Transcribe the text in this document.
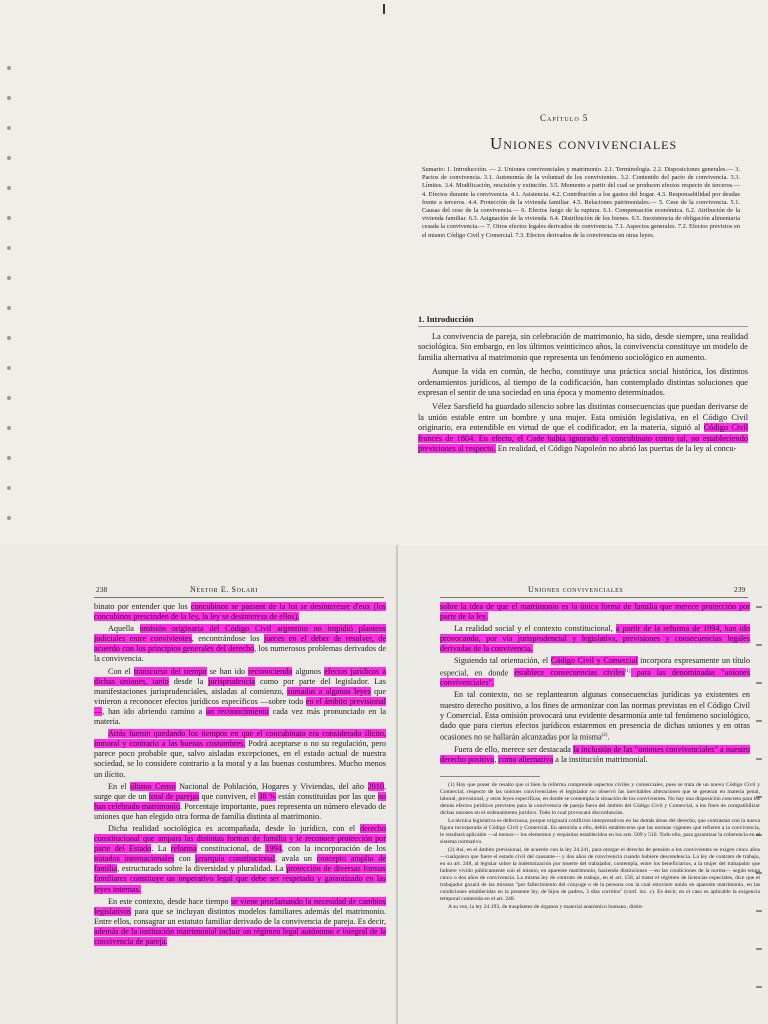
Capítulo 5
Uniones convivenciales
Sumario: 1. Introducción. — 2. Uniones convivenciales y matrimonio. 2.1. Terminología. 2.2. Disposiciones generales.— 3. Pactos de convivencia. 3.1. Autonomía de la voluntad de los convivientes. 3.2. Contenido del pacto de convivencia. 3.3. Límites. 3.4. Modificación, rescisión y extinción. 3.5. Momento a partir del cual se producen efectos respecto de terceros.— 4. Efectos durante la convivencia. 4.1. Asistencia. 4.2. Contribución a los gastos del hogar. 4.3. Responsabilidad por deudas frente a terceros. 4.4. Protección de la vivienda familiar. 4.5. Relaciones patrimoniales.— 5. Cese de la convivencia. 5.1. Causas del cese de la convivencia.— 6. Efectos luego de la ruptura. 6.1. Compensación económica. 6.2. Atribución de la vivienda familiar. 6.3. Asignación de la vivienda. 6.4. Distribución de los bienes. 6.5. Inexistencia de obligación alimentaria cesada la convivencia.— 7. Otros efectos legales derivados de convivencia. 7.1. Aspectos generales. 7.2. Efectos previstos en el mismo Código Civil y Comercial. 7.3. Efectos derivados de la convivencia en otras leyes.
1. Introducción

La convivencia de pareja, sin celebración de matrimonio, ha sido, desde siempre, una realidad sociológica. Sin embargo, en los últimos veinticinco años, la convivencia constituye un modelo de familia alternativa al matrimonio que representa un fenómeno sociológico en aumento.

Aunque la vida en común, de hecho, constituye una práctica social histórica, los distintos ordenamientos jurídicos, al tiempo de la codificación, han contemplado distintas soluciones que expresan el sentir de una sociedad en una época y momento determinados.

Vélez Sarsfield ha guardado silencio sobre las distintas consecuencias que puedan derivarse de la unión estable entre un hombre y una mujer. Esta omisión legislativa, en el Código Civil originario, era entendible en virtud de que el codificador, en la materia, siguió al Código Civil francés de 1804. En efecto, el Code había ignorado el concubinato como tal, no estableciendo previsiones al respecto. En realidad, el Código Napoleón no abrió las puertas de la ley al concu-

238	Néstor E. Solari

binato por entender que los concubinos se passent de la loi se desinteresse d'eux (los concubinos prescinden de la ley, la ley se desinteresa de ellos).

Aquella omisión originaria del Código Civil argentino no impidió planteos judiciales entre convivientes, encontrándose los jueces en el deber de resolver, de acuerdo con los principios generales del derecho, los numerosos problemas derivados de la convivencia.

Con el transcurso del tiempo se han ido reconociendo algunos efectos jurídicos a dichas uniones, tanto desde la jurisprudencia como por parte del legislador. Las manifestaciones jurisprudenciales, aisladas al comienzo, sumadas a algunas leyes que vinieron a reconocer efectos jurídicos específicos —sobre todo en el ámbito previsional—, han ido abriendo camino a un reconocimiento cada vez más pronunciado en la materia.

Atrás fueron quedando los tiempos en que el concubinato era considerado ilícito, inmoral y contrario a las buenas costumbres. Podrá aceptarse o no su regulación, pero parece poco probable que, salvo aisladas excepciones, en el estado actual de nuestra sociedad, se lo considere contrario a la moral y a las buenas costumbres. Mucho menos un ilícito.

En el último Censo Nacional de Población, Hogares y Viviendas, del año 2010, surge que de un total de parejas que conviven, el 38 % están constituidas por las que no han celebrado matrimonio. Porcentaje importante, pues representa un número elevado de uniones que han elegido otra forma de familia distinta al matrimonio.

Dicha realidad sociológica es acompañada, desde lo jurídico, con el derecho constitucional que ampara las distintas formas de familia y le reconoce protección por parte del Estado. La reforma constitucional, de 1994, con la incorporación de los tratados internacionales con jerarquía constitucional, avala un concepto amplio de familia, estructurado sobre la diversidad y pluralidad. La protección de diversas formas familiares constituye un imperativo legal que debe ser respetado y garantizado en las leyes internas.

En este contexto, desde hace tiempo se viene proclamando la necesidad de cambios legislativos para que se incluyan distintos modelos familiares además del matrimonio. Entre ellos, consagrar un estatuto familiar derivado de la convivencia de pareja. Es decir, además de la institución matrimonial incluir un régimen legal autónomo e integral de la convivencia de pareja.

Uniones convivenciales	239

sobre la idea de que el matrimonio es la única forma de familia que merece protección por parte de la ley.

La realidad social y el contexto constitucional, a partir de la reforma de 1994, han ido provocando, por vía jurisprudencial y legislativa, previsiones y consecuencias legales derivadas de la convivencia.

Siguiendo tal orientación, el Código Civil y Comercial incorpora expresamente un título especial, en donde establece consecuencias civiles$^{(1)}$ para las denominadas "uniones convivenciales".

En tal contexto, no se replantearon algunas consecuencias jurídicas ya existentes en nuestro derecho positivo, a los fines de armonizar con las normas previstas en el Código Civil y Comercial. Esta omisión provocará una evidente desarmonía ante tal fenómeno sociológico, dado que para ciertos efectos jurídicos estaremos en presencia de dichas uniones y en otras ocasiones no se hallarán alcanzadas por la misma$^{(2)}$.

Fuera de ello, merece ser destacada la inclusión de las "uniones convivenciales" a nuestro derecho positivo, como alternativa a la institución matrimonial.

(1) Hay que poner de resalto que si bien la reforma comprende aspectos civiles y comerciales, pues se trata de un nuevo Código Civil y Comercial, respecto de las uniones convivenciales el legislador no observó las inevitables alteraciones que se generan en materia penal, laboral, previsional, y otras leyes específicas, en donde se contempla la situación de los convivientes. No hay una disposición concreta para los demás efectos jurídicos previstos para la convivencia de pareja fuera del ámbito del Código Civil y Comercial, a los fines de compatibilizar dichas uniones en el ordenamiento jurídico. Todo lo cual provocará discordancias.

La técnica legislativa es defectuosa, porque originará conflictos interpretativos en las demás áreas del derecho, que contrastan con la nueva figura incorporada al Código Civil y Comercial. En atención a ello, debió establecerse que las normas vigentes que refieren a la convivencia, le resultará aplicable —al menos— los elementos y requisitos establecidos en los arts. 509 y 510. Todo ello, para garantizar la coherencia en el sistema normativo.

(2) Así, en el ámbito previsional, de acuerdo con la ley 24.241, para otorgar el derecho de pensión a los convivientes se exigen cinco años —cualquiera que fuere el estado civil del causante— y dos años de convivencia cuando hubiere descendencia. La ley de contrato de trabajo, en su art. 248, al legislar sobre la indemnización por muerte del trabajador, contempla, entre los beneficiarios, a la mujer del trabajador que hubiere vivido públicamente con el mismo, en aparente matrimonio, haciendo distinciones —en las condiciones de la norma— según tenga cinco o dos años de convivencia. La misma ley de contrato de trabajo, en el art. 158, al tratar el régimen de licencias especiales, dice que el trabajador gozará de las mismas "por fallecimiento del cónyuge o de la persona con la cual estuviere unido en aparente matrimonio, en las condiciones establecidas en la presente ley, de hijos de padres, 3 días corridos" (conf. inc. c). Es decir, en el caso es aplicable la exigencia temporal contenida en el art. 248.

A su vez, la ley 24.193, de trasplantes de órganos y material anatómico humano, distin-
